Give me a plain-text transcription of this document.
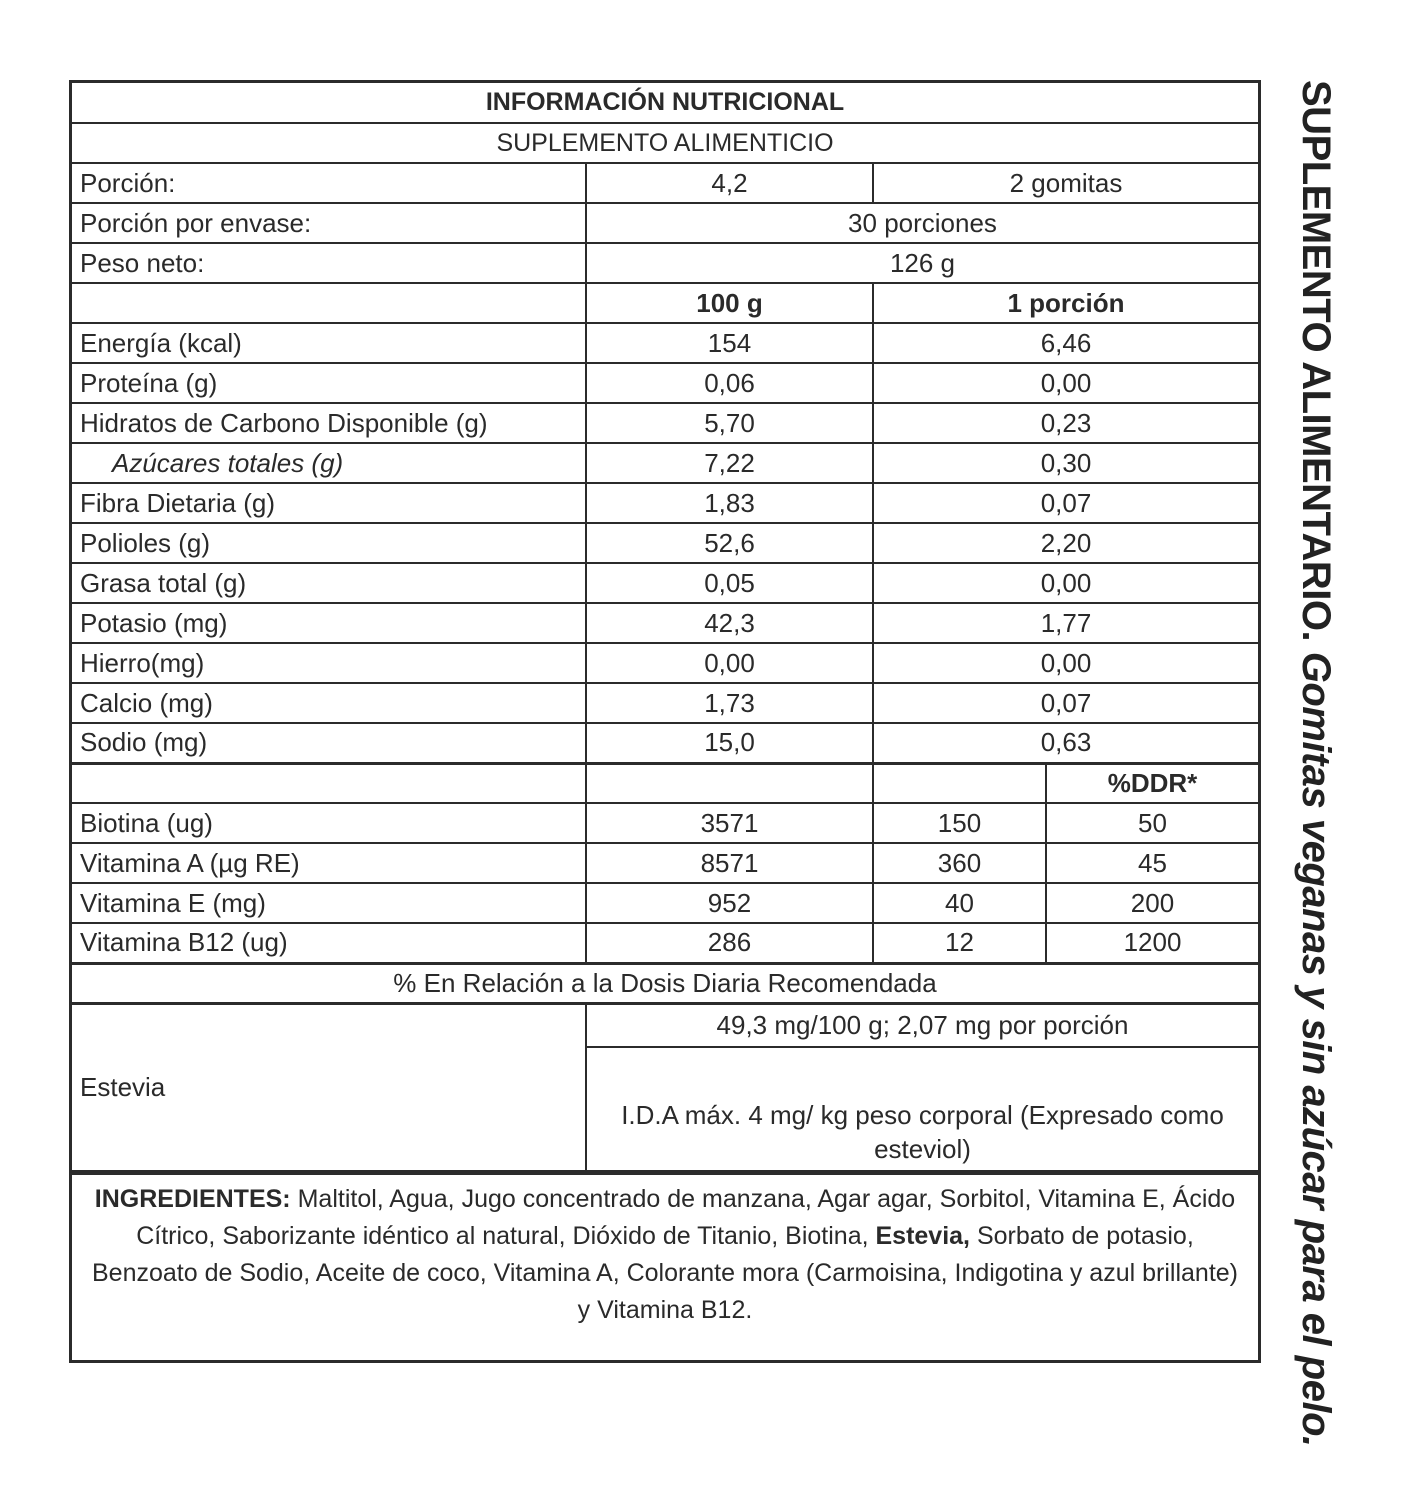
INFORMACIÓN NUTRICIONAL			
SUPLEMENTO ALIMENTICIO			
Porción:	4,2	2 gomitas	
Porción por envase:	30 porciones		
Peso neto:	126 g		
	100 g	1 porción	
Energía (kcal)	154	6,46	
Proteína (g)	0,06	0,00	
Hidratos de Carbono Disponible (g)	5,70	0,23	
Azúcares totales (g)	7,22	0,30	
Fibra Dietaria (g)	1,83	0,07	
Polioles (g)	52,6	2,20	
Grasa total (g)	0,05	0,00	
Potasio (mg)	42,3	1,77	
Hierro(mg)	0,00	0,00	
Calcio (mg)	1,73	0,07	
Sodio (mg)	15,0	0,63	
			%DDR*
Biotina (ug)	3571	150	50
Vitamina A (µg RE)	8571	360	45
Vitamina E (mg)	952	40	200
Vitamina B12 (ug)	286	12	1200
% En Relación a la Dosis Diaria Recomendada			
Estevia	49,3 mg/100 g; 2,07 mg por porción		
	I.D.A máx. 4 mg/ kg peso corporal (Expresado como esteviol)		
INGREDIENTES: Maltitol, Agua, Jugo concentrado de manzana, Agar agar, Sorbitol, Vitamina E, Ácido Cítrico, Saborizante idéntico al natural, Dióxido de Titanio, Biotina, Estevia, Sorbato de potasio, Benzoato de Sodio, Aceite de coco, Vitamina A, Colorante mora (Carmoisina, Indigotina y azul brillante) y Vitamina B12.
SUPLEMENTO ALIMENTARIO. Gomitas veganas y sin azúcar para el pelo.
